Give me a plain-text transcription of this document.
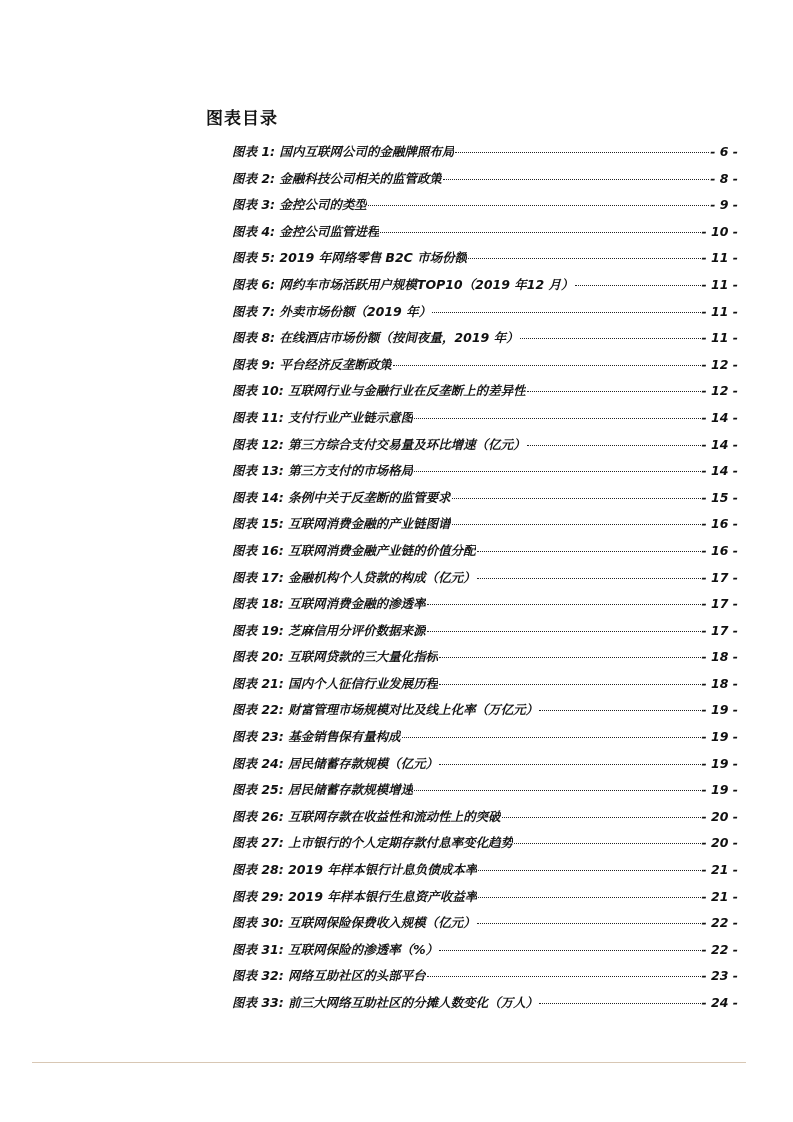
图表目录
图表 1:
国内互联网公司的金融牌照布局	- 6 -
图表 2:
金融科技公司相关的监管政策	- 8 -
图表 3:
金控公司的类型	- 9 -
图表 4:
金控公司监管进程	- 10 -
图表 5:
2019 年网络零售 B2C 市场份额	- 11 -
图表 6:
网约车市场活跃用户规模TOP10（2019 年12 月）	- 11 -
图表 7:
外卖市场份额（2019 年）	- 11 -
图表 8:
在线酒店市场份额（按间夜量，2019 年）	- 11 -
图表 9:
平台经济反垄断政策	- 12 -
图表 10:
互联网行业与金融行业在反垄断上的差异性	- 12 -
图表 11:
支付行业产业链示意图	- 14 -
图表 12:
第三方综合支付交易量及环比增速（亿元）	- 14 -
图表 13:
第三方支付的市场格局	- 14 -
图表 14:
条例中关于反垄断的监管要求	- 15 -
图表 15:
互联网消费金融的产业链图谱	- 16 -
图表 16:
互联网消费金融产业链的价值分配	- 16 -
图表 17:
金融机构个人贷款的构成（亿元）	- 17 -
图表 18:
互联网消费金融的渗透率	- 17 -
图表 19:
芝麻信用分评价数据来源	- 17 -
图表 20:
互联网贷款的三大量化指标	- 18 -
图表 21:
国内个人征信行业发展历程	- 18 -
图表 22:
财富管理市场规模对比及线上化率（万亿元）	- 19 -
图表 23:
基金销售保有量构成	- 19 -
图表 24:
居民储蓄存款规模（亿元）	- 19 -
图表 25:
居民储蓄存款规模增速	- 19 -
图表 26:
互联网存款在收益性和流动性上的突破	- 20 -
图表 27:
上市银行的个人定期存款付息率变化趋势	- 20 -
图表 28:
2019 年样本银行计息负债成本率	- 21 -
图表 29:
2019 年样本银行生息资产收益率	- 21 -
图表 30:
互联网保险保费收入规模（亿元）	- 22 -
图表 31:
互联网保险的渗透率（%）	- 22 -
图表 32:
网络互助社区的头部平台	- 23 -
图表 33:
前三大网络互助社区的分摊人数变化（万人）	- 24 -
